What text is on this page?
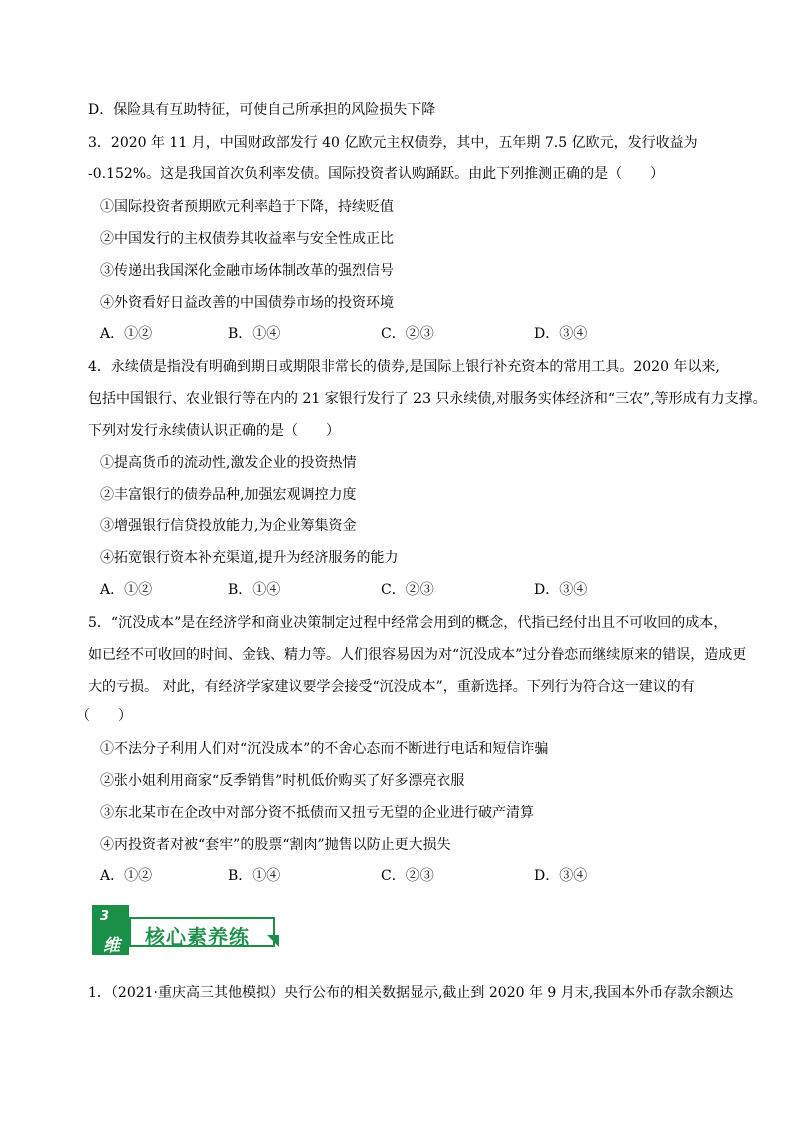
D．保险具有互助特征，可使自己所承担的风险损失下降
3．2020 年 11 月，中国财政部发行 40 亿欧元主权债券，其中，五年期 7.5 亿欧元，发行收益为
-0.152%。这是我国首次负利率发债。国际投资者认购踊跃。由此下列推测正确的是（　　）
①国际投资者预期欧元利率趋于下降，持续贬值
②中国发行的主权债券其收益率与安全性成正比
③传递出我国深化金融市场体制改革的强烈信号
④外资看好日益改善的中国债券市场的投资环境
A．①②	B．①④	C．②③	D．③④
4．永续债是指没有明确到期日或期限非常长的债券,是国际上银行补充资本的常用工具。2020 年以来,
包括中国银行、农业银行等在内的 21 家银行发行了 23 只永续债,对服务实体经济和“三农”,等形成有力支撑。
下列对发行永续债认识正确的是（　　）
①提高货币的流动性,激发企业的投资热情
②丰富银行的债券品种,加强宏观调控力度
③增强银行信贷投放能力,为企业筹集资金
④拓宽银行资本补充渠道,提升为经济服务的能力
A．①②	B．①④	C．②③	D．③④
5．“沉没成本”是在经济学和商业决策制定过程中经常会用到的概念，代指已经付出且不可收回的成本，
如已经不可收回的时间、金钱、精力等。人们很容易因为对“沉没成本”过分眷恋而继续原来的错误，造成更
大的亏损。 对此，有经济学家建议要学会接受“沉没成本”，重新选择。下列行为符合这一建议的有
（　　）
①不法分子利用人们对“沉没成本”的不舍心态而不断进行电话和短信诈骗
②张小姐利用商家“反季销售”时机低价购买了好多漂亮衣服
③东北某市在企改中对部分资不抵债而又扭亏无望的企业进行破产清算
④丙投资者对被“套牢”的股票“割肉”抛售以防止更大损失
A．①②	B．①④	C．②③	D．③④
3
维 核心素养练
1．（2021·重庆高三其他模拟）央行公布的相关数据显示,截止到 2020 年 9 月末,我国本外币存款余额达
